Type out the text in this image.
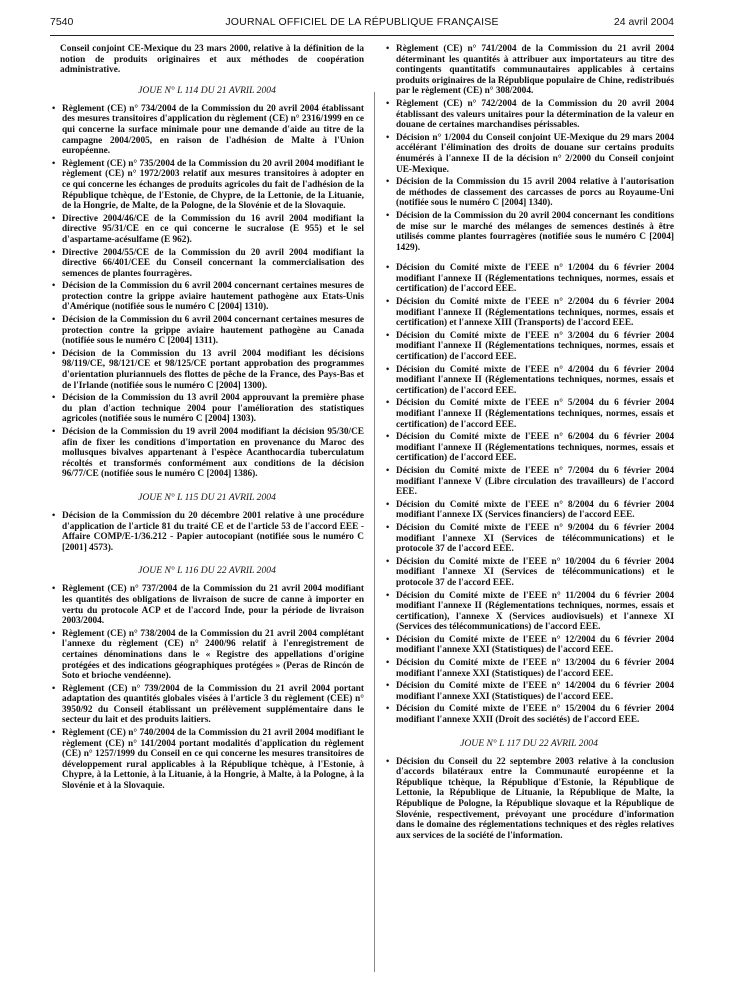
7540	JOURNAL OFFICIEL DE LA RÉPUBLIQUE FRANÇAISE	24 avril 2004

Conseil conjoint CE-Mexique du 23 mars 2000, relative à la définition de la notion de produits originaires et aux méthodes de coopération administrative.

JOUE N° L 114 DU 21 AVRIL 2004

• Règlement (CE) n° 734/2004 de la Commission du 20 avril 2004 établissant des mesures transitoires d'application du règlement (CE) n° 2316/1999 en ce qui concerne la surface minimale pour une demande d'aide au titre de la campagne 2004/2005, en raison de l'adhésion de Malte à l'Union européenne.

• Règlement (CE) n° 735/2004 de la Commission du 20 avril 2004 modifiant le règlement (CE) n° 1972/2003 relatif aux mesures transitoires à adopter en ce qui concerne les échanges de produits agricoles du fait de l'adhésion de la République tchèque, de l'Estonie, de Chypre, de la Lettonie, de la Lituanie, de la Hongrie, de Malte, de la Pologne, de la Slovénie et de la Slovaquie.

• Directive 2004/46/CE de la Commission du 16 avril 2004 modifiant la directive 95/31/CE en ce qui concerne le sucralose (E 955) et le sel d'aspartame-acésulfame (E 962).

• Directive 2004/55/CE de la Commission du 20 avril 2004 modifiant la directive 66/401/CEE du Conseil concernant la commercialisation des semences de plantes fourragères.

• Décision de la Commission du 6 avril 2004 concernant certaines mesures de protection contre la grippe aviaire hautement pathogène aux Etats-Unis d'Amérique (notifiée sous le numéro C [2004] 1310).

• Décision de la Commission du 6 avril 2004 concernant certaines mesures de protection contre la grippe aviaire hautement pathogène au Canada (notifiée sous le numéro C [2004] 1311).

• Décision de la Commission du 13 avril 2004 modifiant les décisions 98/119/CE, 98/121/CE et 98/125/CE portant approbation des programmes d'orientation pluriannuels des flottes de pêche de la France, des Pays-Bas et de l'Irlande (notifiée sous le numéro C [2004] 1300).

• Décision de la Commission du 13 avril 2004 approuvant la première phase du plan d'action technique 2004 pour l'amélioration des statistiques agricoles (notifiée sous le numéro C [2004] 1303).

• Décision de la Commission du 19 avril 2004 modifiant la décision 95/30/CE afin de fixer les conditions d'importation en provenance du Maroc des mollusques bivalves appartenant à l'espèce Acanthocardia tuberculatum récoltés et transformés conformément aux conditions de la décision 96/77/CE (notifiée sous le numéro C [2004] 1386).

JOUE N° L 115 DU 21 AVRIL 2004

• Décision de la Commission du 20 décembre 2001 relative à une procédure d'application de l'article 81 du traité CE et de l'article 53 de l'accord EEE - Affaire COMP/E-1/36.212 - Papier autocopiant (notifiée sous le numéro C [2001] 4573).

JOUE N° L 116 DU 22 AVRIL 2004

• Règlement (CE) n° 737/2004 de la Commission du 21 avril 2004 modifiant les quantités des obligations de livraison de sucre de canne à importer en vertu du protocole ACP et de l'accord Inde, pour la période de livraison 2003/2004.

• Règlement (CE) n° 738/2004 de la Commission du 21 avril 2004 complétant l'annexe du règlement (CE) n° 2400/96 relatif à l'enregistrement de certaines dénominations dans le « Registre des appellations d'origine protégées et des indications géographiques protégées » (Peras de Rincón de Soto et brioche vendéenne).

• Règlement (CE) n° 739/2004 de la Commission du 21 avril 2004 portant adaptation des quantités globales visées à l'article 3 du règlement (CEE) n° 3950/92 du Conseil établissant un prélèvement supplémentaire dans le secteur du lait et des produits laitiers.

• Règlement (CE) n° 740/2004 de la Commission du 21 avril 2004 modifiant le règlement (CE) n° 141/2004 portant modalités d'application du règlement (CE) n° 1257/1999 du Conseil en ce qui concerne les mesures transitoires de développement rural applicables à la République tchèque, à l'Estonie, à Chypre, à la Lettonie, à la Lituanie, à la Hongrie, à Malte, à la Pologne, à la Slovénie et à la Slovaquie.

• Règlement (CE) n° 741/2004 de la Commission du 21 avril 2004 déterminant les quantités à attribuer aux importateurs au titre des contingents quantitatifs communautaires applicables à certains produits originaires de la République populaire de Chine, redistribués par le règlement (CE) n° 308/2004.

• Règlement (CE) n° 742/2004 de la Commission du 20 avril 2004 établissant des valeurs unitaires pour la détermination de la valeur en douane de certaines marchandises périssables.

• Décision n° 1/2004 du Conseil conjoint UE-Mexique du 29 mars 2004 accélérant l'élimination des droits de douane sur certains produits énumérés à l'annexe II de la décision n° 2/2000 du Conseil conjoint UE-Mexique.

• Décision de la Commission du 15 avril 2004 relative à l'autorisation de méthodes de classement des carcasses de porcs au Royaume-Uni (notifiée sous le numéro C [2004] 1340).

• Décision de la Commission du 20 avril 2004 concernant les conditions de mise sur le marché des mélanges de semences destinés à être utilisés comme plantes fourragères (notifiée sous le numéro C [2004] 1429).

• Décision du Comité mixte de l'EEE n° 1/2004 du 6 février 2004 modifiant l'annexe II (Réglementations techniques, normes, essais et certification) de l'accord EEE.

• Décision du Comité mixte de l'EEE n° 2/2004 du 6 février 2004 modifiant l'annexe II (Réglementations techniques, normes, essais et certification) et l'annexe XIII (Transports) de l'accord EEE.

• Décision du Comité mixte de l'EEE n° 3/2004 du 6 février 2004 modifiant l'annexe II (Réglementations techniques, normes, essais et certification) de l'accord EEE.

• Décision du Comité mixte de l'EEE n° 4/2004 du 6 février 2004 modifiant l'annexe II (Réglementations techniques, normes, essais et certification) de l'accord EEE.

• Décision du Comité mixte de l'EEE n° 5/2004 du 6 février 2004 modifiant l'annexe II (Réglementations techniques, normes, essais et certification) de l'accord EEE.

• Décision du Comité mixte de l'EEE n° 6/2004 du 6 février 2004 modifiant l'annexe II (Réglementations techniques, normes, essais et certification) de l'accord EEE.

• Décision du Comité mixte de l'EEE n° 7/2004 du 6 février 2004 modifiant l'annexe V (Libre circulation des travailleurs) de l'accord EEE.

• Décision du Comité mixte de l'EEE n° 8/2004 du 6 février 2004 modifiant l'annexe IX (Services financiers) de l'accord EEE.

• Décision du Comité mixte de l'EEE n° 9/2004 du 6 février 2004 modifiant l'annexe XI (Services de télécommunications) et le protocole 37 de l'accord EEE.

• Décision du Comité mixte de l'EEE n° 10/2004 du 6 février 2004 modifiant l'annexe XI (Services de télécommunications) et le protocole 37 de l'accord EEE.

• Décision du Comité mixte de l'EEE n° 11/2004 du 6 février 2004 modifiant l'annexe II (Réglementations techniques, normes, essais et certification), l'annexe X (Services audiovisuels) et l'annexe XI (Services des télécommunications) de l'accord EEE.

• Décision du Comité mixte de l'EEE n° 12/2004 du 6 février 2004 modifiant l'annexe XXI (Statistiques) de l'accord EEE.

• Décision du Comité mixte de l'EEE n° 13/2004 du 6 février 2004 modifiant l'annexe XXI (Statistiques) de l'accord EEE.

• Décision du Comité mixte de l'EEE n° 14/2004 du 6 février 2004 modifiant l'annexe XXI (Statistiques) de l'accord EEE.

• Décision du Comité mixte de l'EEE n° 15/2004 du 6 février 2004 modifiant l'annexe XXII (Droit des sociétés) de l'accord EEE.

JOUE N° L 117 DU 22 AVRIL 2004

• Décision du Conseil du 22 septembre 2003 relative à la conclusion d'accords bilatéraux entre la Communauté européenne et la République tchèque, la République d'Estonie, la République de Lettonie, la République de Lituanie, la République de Malte, la République de Pologne, la République slovaque et la République de Slovénie, respectivement, prévoyant une procédure d'information dans le domaine des réglementations techniques et des règles relatives aux services de la société de l'information.
